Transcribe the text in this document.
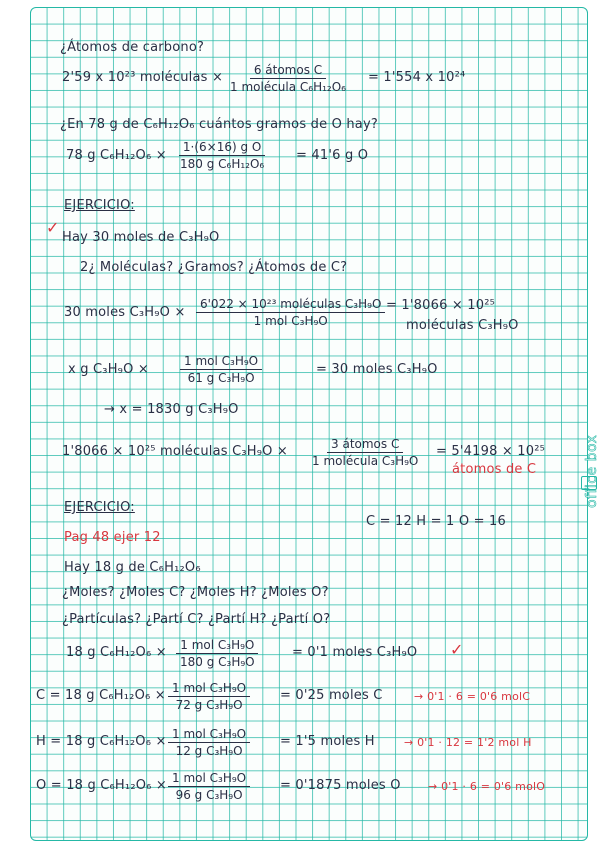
office box
¿Átomos de carbono?
2'59 x 10²³ moléculas ×	6 átomos C
1 molécula C₆H₁₂O₆
= 1'554 x 10²⁴
¿En 78 g de C₆H₁₂O₆ cuántos gramos de O hay?
78 g $C_6H_{12}O_6 \times \frac{\text{1·(6×16) g O}}{\text{180 g C₆H₁₂O₆}} = 41'6$ g O
EJERCICIO:
✓
Hay 30 moles de C₃H₉O
2¿ Moléculas? ¿Gramos? ¿Átomos de C?
30 moles C₃H₉O ×
6'022 × 10²³ moléculas C₃H₉O
1 mol C₃H₉O
= 1'8066 × 10²⁵
moléculas C₃H₉O
x g C₃H₉O ×
1 mol C₃H₉O
61 g C₃H₉O
= 30 moles C₃H₉O
→ x = 1830 g C₃H₉O
1'8066 × 10²⁵ moléculas C₃H₉O ×	3 átomos C
1 molécula C₃H₉O
= 5'4198 × 10²⁵
átomos de C
EJERCICIO:
Pag 48 ejer 12
C = 12 H = 1 O = 16
Hay 18 g de C₆H₁₂O₆
¿Moles? ¿Moles C? ¿Moles H? ¿Moles O?
¿Partículas? ¿Partí C? ¿Partí H? ¿Partí O?
18 g C₆H₁₂O₆ ×	1 mol C₃H₉O
180 g C₃H₉O
= 0'1 moles C₃H₉O ✓
C = 18 g C₆H₁₂O₆ × 1 mol C₃H₉O
72 g C₃H₉O
= 0'25 moles C	→ 0'1 · 6 = 0'6 molC
H = 18 g C₆H₁₂O₆ × 1 mol C₃H₉O
12 g C₃H₉O
= 1'5 moles H	→ 0'1 · 12 = 1'2 mol H
O = 18 g C₆H₁₂O₆ × 1 mol C₃H₉O
96 g C₃H₉O
= 0'1875 moles O → 0'1 · 6 = 0'6 molO
